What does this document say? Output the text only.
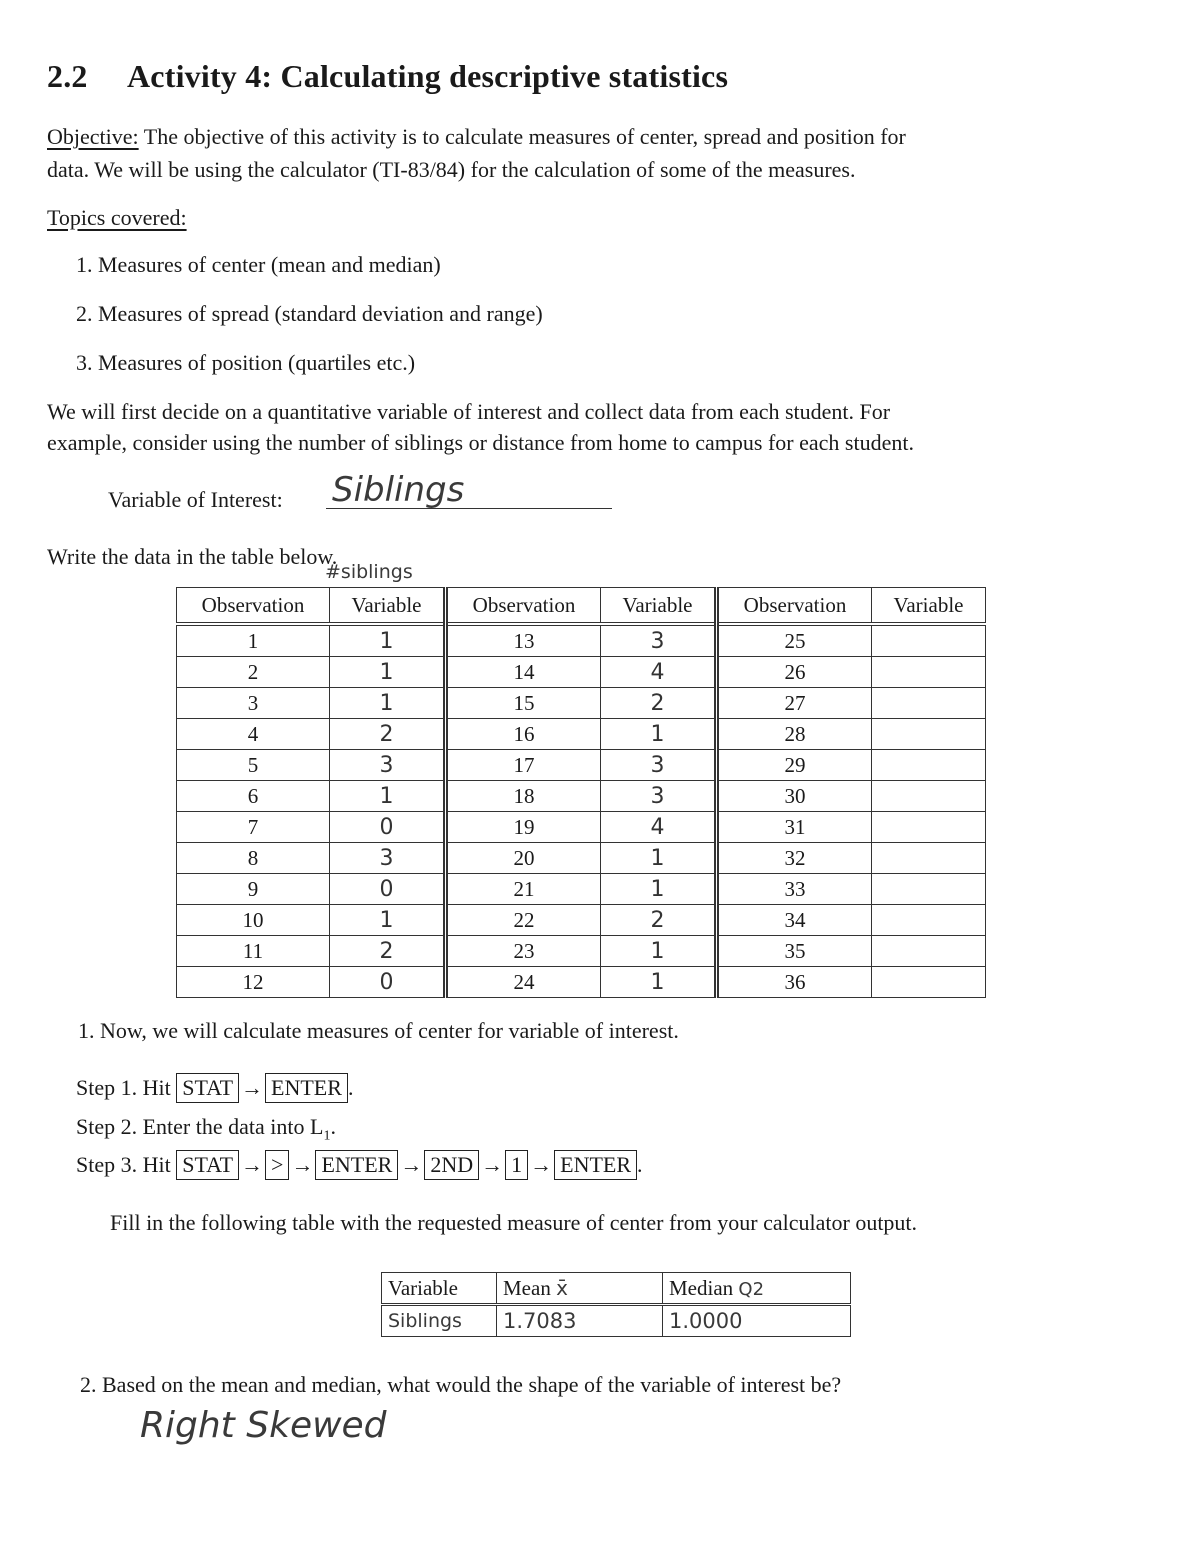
2.2 Activity 4: Calculating descriptive statistics
Objective: The objective of this activity is to calculate measures of center, spread and position for
data. We will be using the calculator (TI-83/84) for the calculation of some of the measures.
Topics covered:
1. Measures of center (mean and median)
2. Measures of spread (standard deviation and range)
3. Measures of position (quartiles etc.)
We will first decide on a quantitative variable of interest and collect data from each student. For
example, consider using the number of siblings or distance from home to campus for each student.
Variable of Interest: Siblings
Write the data in the table below.
#siblings
Observation	Variable	Observation	Variable	Observation	Variable
1	1	13	3	25	
2	1	14	4	26	
3	1	15	2	27	
4	2	16	1	28	
5	3	17	3	29	
6	1	18	3	30	
7	0	19	4	31	
8	3	20	1	32	
9	0	21	1	33	
10	1	22	2	34	
11	2	23	1	35	
12	0	24	1	36	
1. Now, we will calculate measures of center for variable of interest.
Step 1. Hit STAT → ENTER .
Step 2. Enter the data into $L_1$.
Step 3. Hit STAT → > → ENTER → 2ND → 1 → ENTER .
Fill in the following table with the requested measure of center from your calculator output.
Variable	Mean x̄	Median Q2
Siblings	1.7083	1.0000
2. Based on the mean and median, what would the shape of the variable of interest be?
Right Skewed
